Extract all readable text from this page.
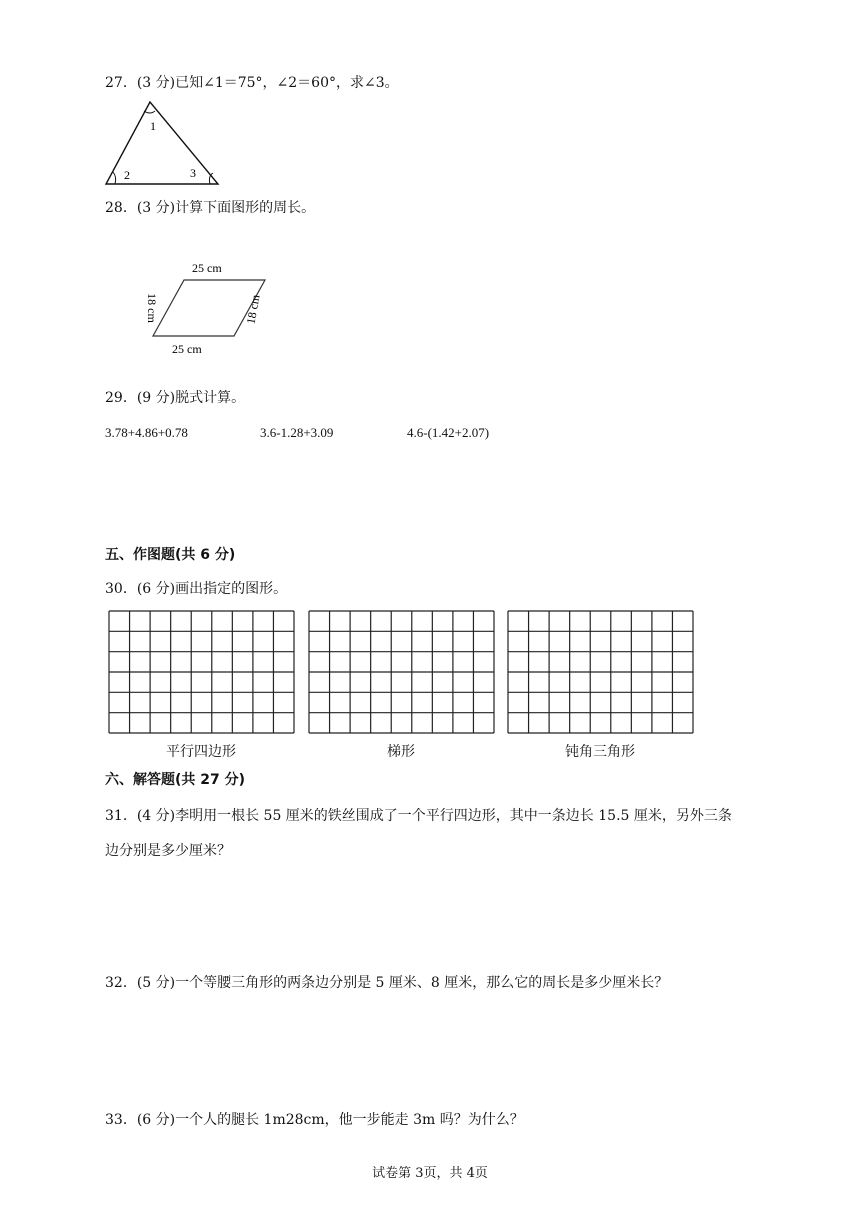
27．(3 分)已知∠1＝75°，∠2＝60°，求∠3。
1
2	3
28．(3 分)计算下面图形的周长。
25 cm
25 cm
18 cm	18 cm
29．(9 分)脱式计算。
3.78+4.86+0.78	3.6-1.28+3.09	4.6-(1.42+2.07)
五、作图题(共 6 分)
30．(6 分)画出指定的图形。
平行四边形	梯形	钝角三角形
六、解答题(共 27 分)
31．(4 分)李明用一根长 55 厘米的铁丝围成了一个平行四边形，其中一条边长 15.5 厘米，另外三条
边分别是多少厘米？
32．(5 分)一个等腰三角形的两条边分别是 5 厘米、8 厘米，那么它的周长是多少厘米长？
33．(6 分)一个人的腿长 1m28cm，他一步能走 3m 吗？为什么？
试卷第 3页，共 4页
